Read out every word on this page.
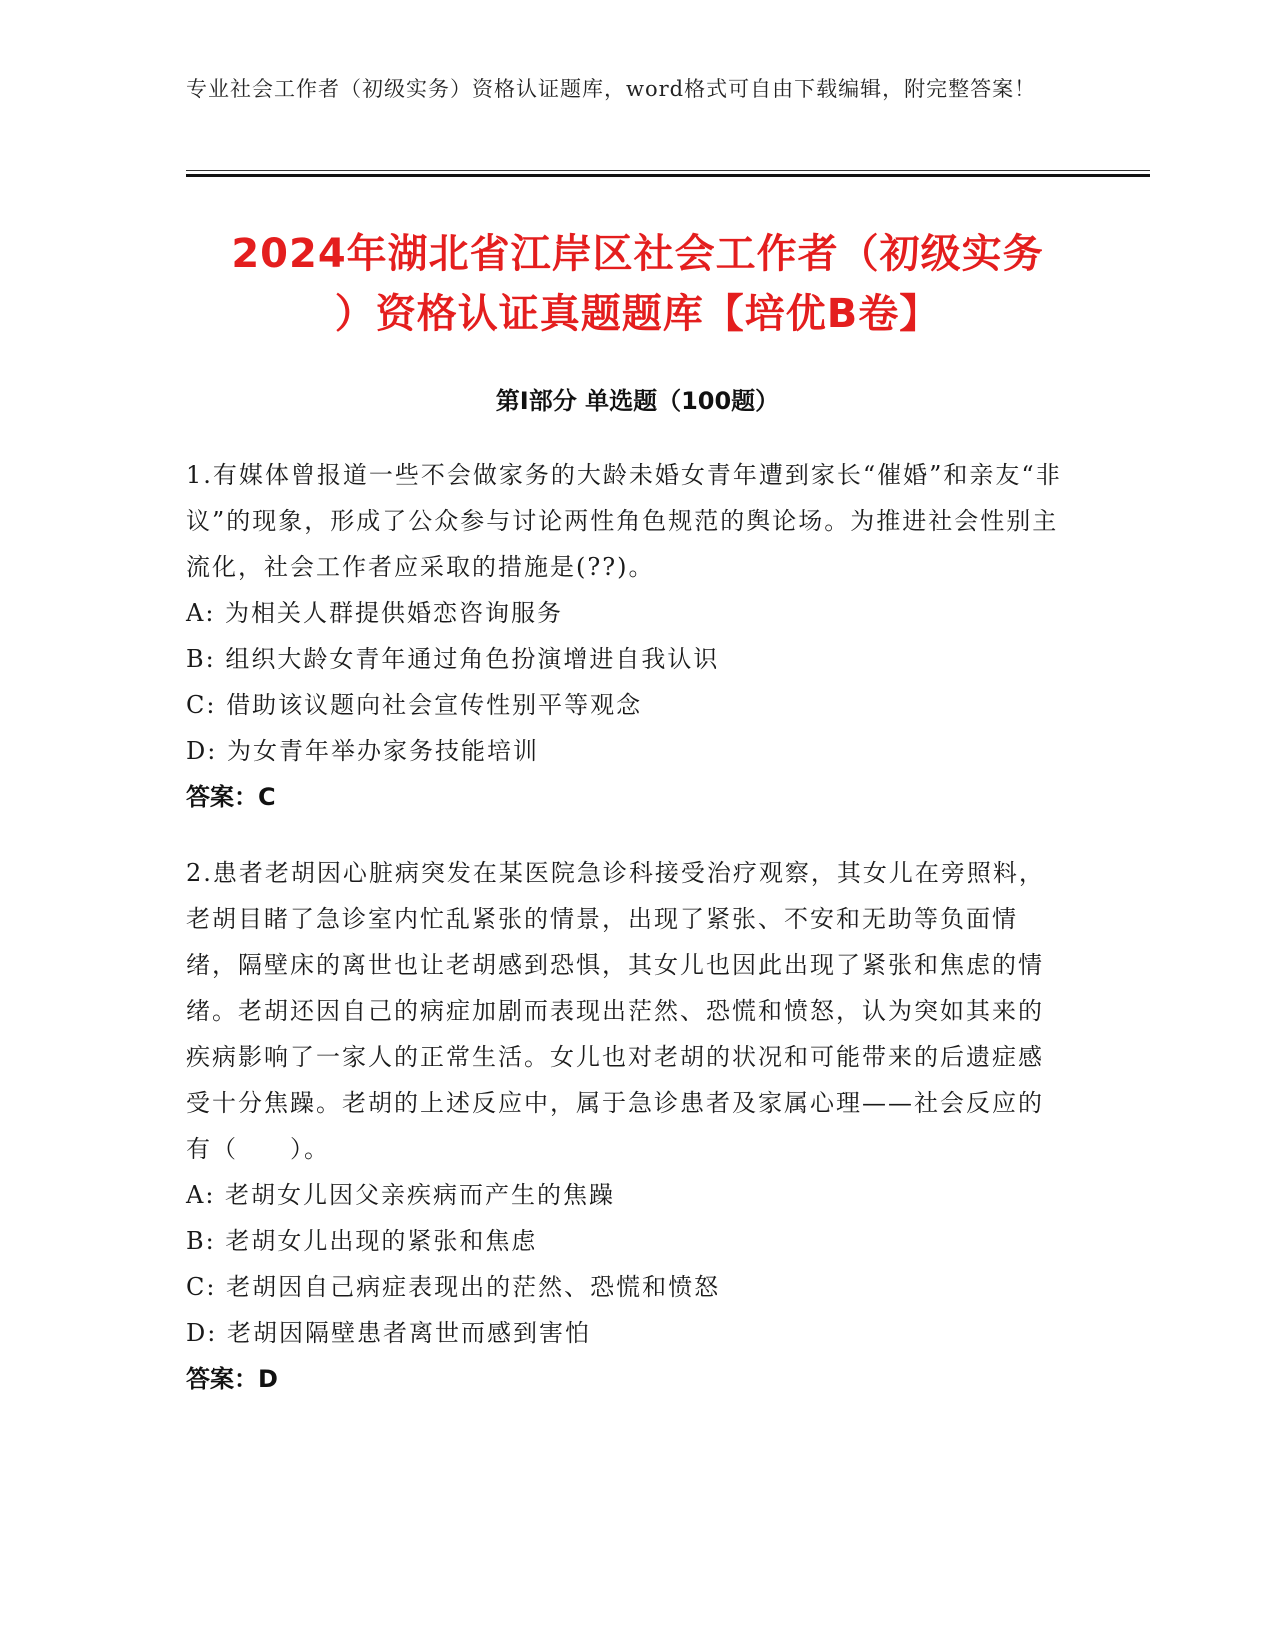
专业社会工作者（初级实务）资格认证题库，word格式可自由下载编辑，附完整答案！
2024年湖北省江岸区社会工作者（初级实务
）资格认证真题题库【培优B卷】
第Ⅰ部分 单选题（100题）
1.有媒体曾报道一些不会做家务的大龄未婚女青年遭到家长“催婚”和亲友“非议”的现象，形成了公众参与讨论两性角色规范的舆论场。为推进社会性别主流化，社会工作者应采取的措施是(??)。
A: 为相关人群提供婚恋咨询服务
B: 组织大龄女青年通过角色扮演增进自我认识
C: 借助该议题向社会宣传性别平等观念
D: 为女青年举办家务技能培训
答案：C
2.患者老胡因心脏病突发在某医院急诊科接受治疗观察，其女儿在旁照料，老胡目睹了急诊室内忙乱紧张的情景，出现了紧张、不安和无助等负面情绪，隔壁床的离世也让老胡感到恐惧，其女儿也因此出现了紧张和焦虑的情绪。老胡还因自己的病症加剧而表现出茫然、恐慌和愤怒，认为突如其来的疾病影响了一家人的正常生活。女儿也对老胡的状况和可能带来的后遗症感受十分焦躁。老胡的上述反应中，属于急诊患者及家属心理——社会反应的有（　　）。
A: 老胡女儿因父亲疾病而产生的焦躁
B: 老胡女儿出现的紧张和焦虑
C: 老胡因自己病症表现出的茫然、恐慌和愤怒
D: 老胡因隔壁患者离世而感到害怕
答案：D
